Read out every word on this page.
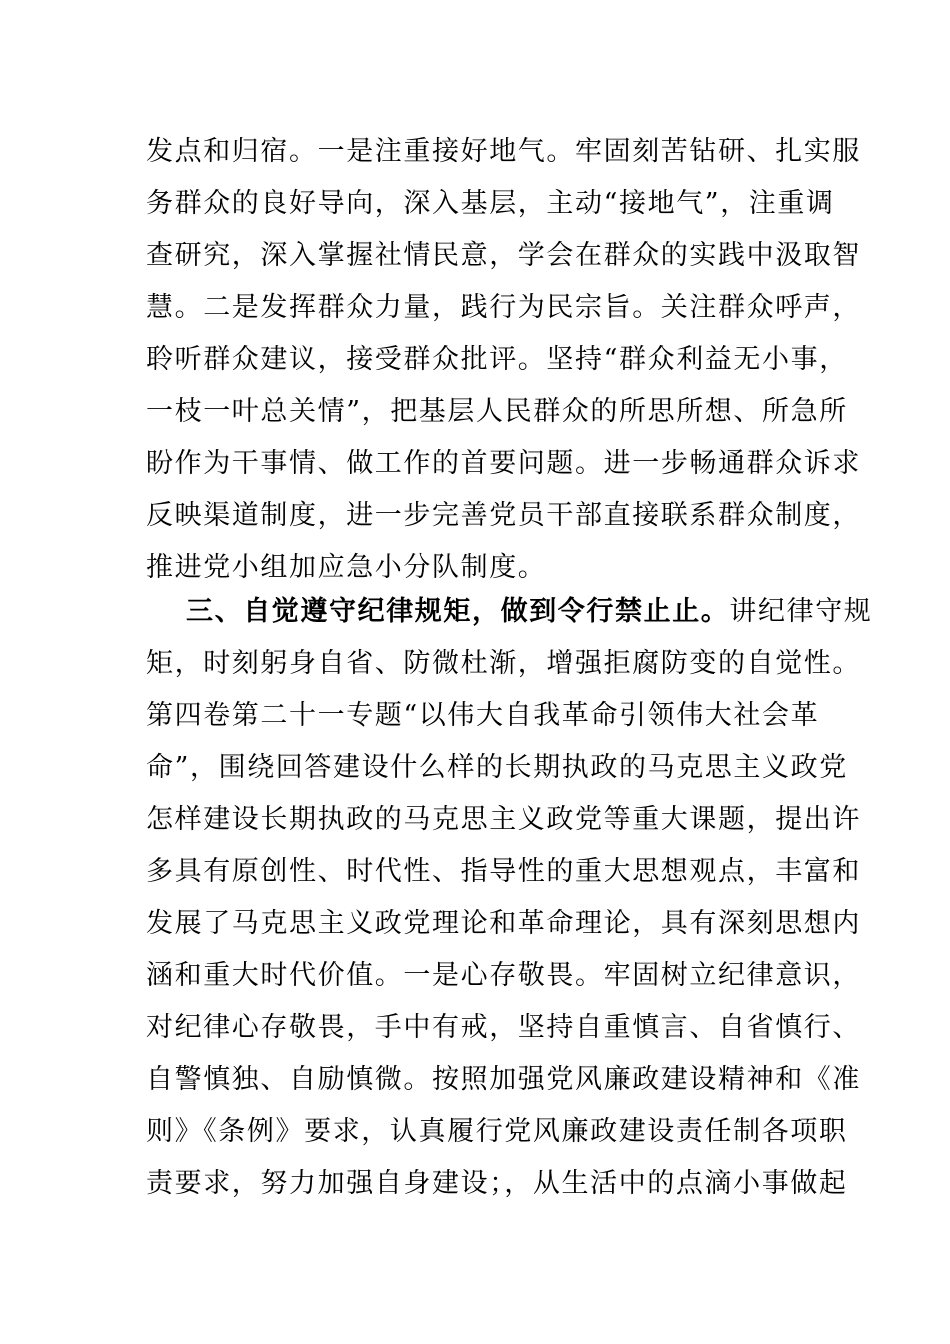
发点和归宿。一是注重接好地气。牢固刻苦钻研、扎实服
务群众的良好导向，深入基层，主动“接地气”，注重调
查研究，深入掌握社情民意，学会在群众的实践中汲取智
慧。二是发挥群众力量，践行为民宗旨。关注群众呼声，
聆听群众建议，接受群众批评。坚持“群众利益无小事，
一枝一叶总关情”，把基层人民群众的所思所想、所急所
盼作为干事情、做工作的首要问题。进一步畅通群众诉求
反映渠道制度，进一步完善党员干部直接联系群众制度，
推进党小组加应急小分队制度。
三、自觉遵守纪律规矩，做到令行禁止止。讲纪律守规
矩，时刻躬身自省、防微杜渐，增强拒腐防变的自觉性。
第四卷第二十一专题“以伟大自我革命引领伟大社会革
命”，围绕回答建设什么样的长期执政的马克思主义政党
怎样建设长期执政的马克思主义政党等重大课题，提出许
多具有原创性、时代性、指导性的重大思想观点，丰富和
发展了马克思主义政党理论和革命理论，具有深刻思想内
涵和重大时代价值。一是心存敬畏。牢固树立纪律意识，
对纪律心存敬畏，手中有戒，坚持自重慎言、自省慎行、
自警慎独、自励慎微。按照加强党风廉政建设精神和《准
则》《条例》要求，认真履行党风廉政建设责任制各项职
责要求，努力加强自身建设；，从生活中的点滴小事做起
